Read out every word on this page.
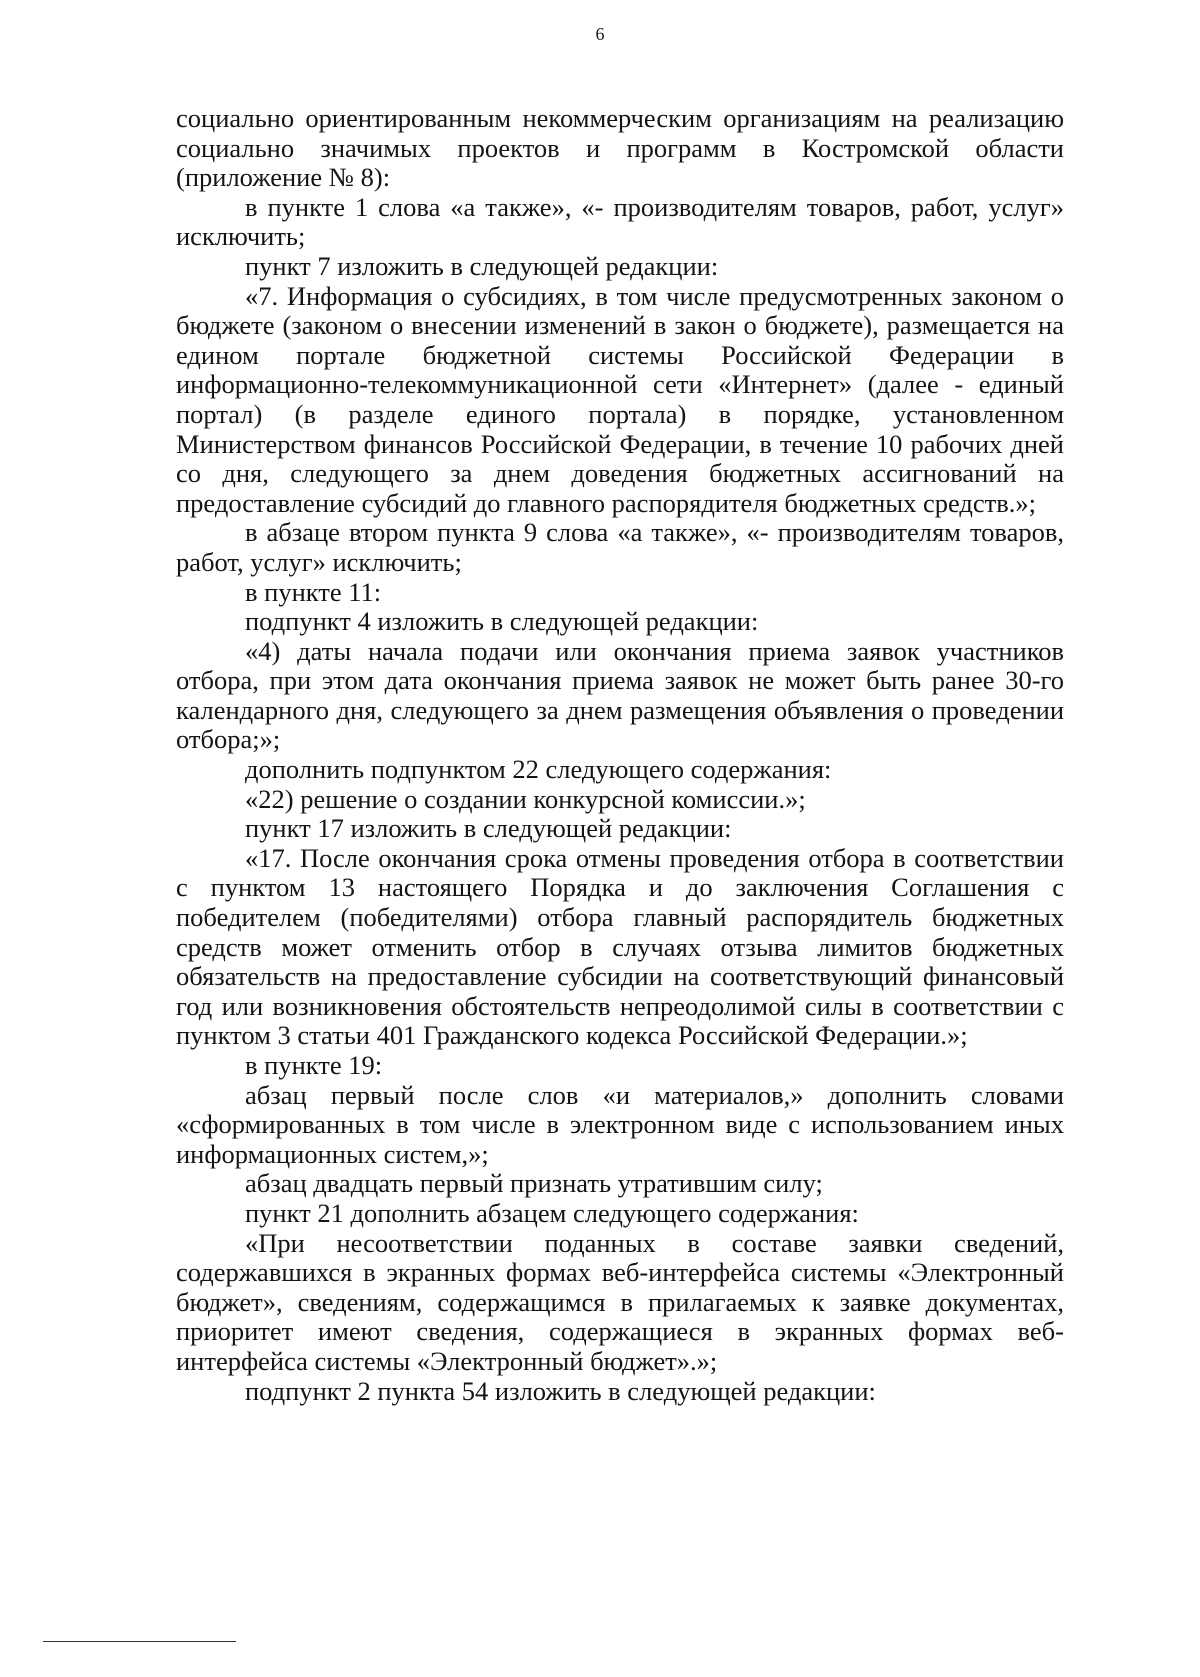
6

социально ориентированным некоммерческим организациям на реализацию социально значимых проектов и программ в Костромской области (приложение № 8):

в пункте 1 слова «а также», «- производителям товаров, работ, услуг» исключить;

пункт 7 изложить в следующей редакции:

«7. Информация о субсидиях, в том числе предусмотренных законом о бюджете (законом о внесении изменений в закон о бюджете), размещается на едином портале бюджетной системы Российской Федерации в информационно-телекоммуникационной сети «Интернет» (далее - единый портал) (в разделе единого портала) в порядке, установленном Министерством финансов Российской Федерации, в течение 10 рабочих дней со дня, следующего за днем доведения бюджетных ассигнований на предоставление субсидий до главного распорядителя бюджетных средств.»;

в абзаце втором пункта 9 слова «а также», «- производителям товаров, работ, услуг» исключить;

в пункте 11:

подпункт 4 изложить в следующей редакции:

«4) даты начала подачи или окончания приема заявок участников отбора, при этом дата окончания приема заявок не может быть ранее 30-го календарного дня, следующего за днем размещения объявления о проведении отбора;»;

дополнить подпунктом 22 следующего содержания:

«22) решение о создании конкурсной комиссии.»;

пункт 17 изложить в следующей редакции:

«17. После окончания срока отмены проведения отбора в соответствии с пунктом 13 настоящего Порядка и до заключения Соглашения с победителем (победителями) отбора главный распорядитель бюджетных средств может отменить отбор в случаях отзыва лимитов бюджетных обязательств на предоставление субсидии на соответствующий финансовый год или возникновения обстоятельств непреодолимой силы в соответствии с пунктом 3 статьи 401 Гражданского кодекса Российской Федерации.»;

в пункте 19:

абзац первый после слов «и материалов,» дополнить словами «сформированных в том числе в электронном виде с использованием иных информационных систем,»;

абзац двадцать первый признать утратившим силу;

пункт 21 дополнить абзацем следующего содержания:

«При несоответствии поданных в составе заявки сведений, содержавшихся в экранных формах веб-интерфейса системы «Электронный бюджет», сведениям, содержащимся в прилагаемых к заявке документах, приоритет имеют сведения, содержащиеся в экранных формах веб-интерфейса системы «Электронный бюджет».»;

подпункт 2 пункта 54 изложить в следующей редакции:
